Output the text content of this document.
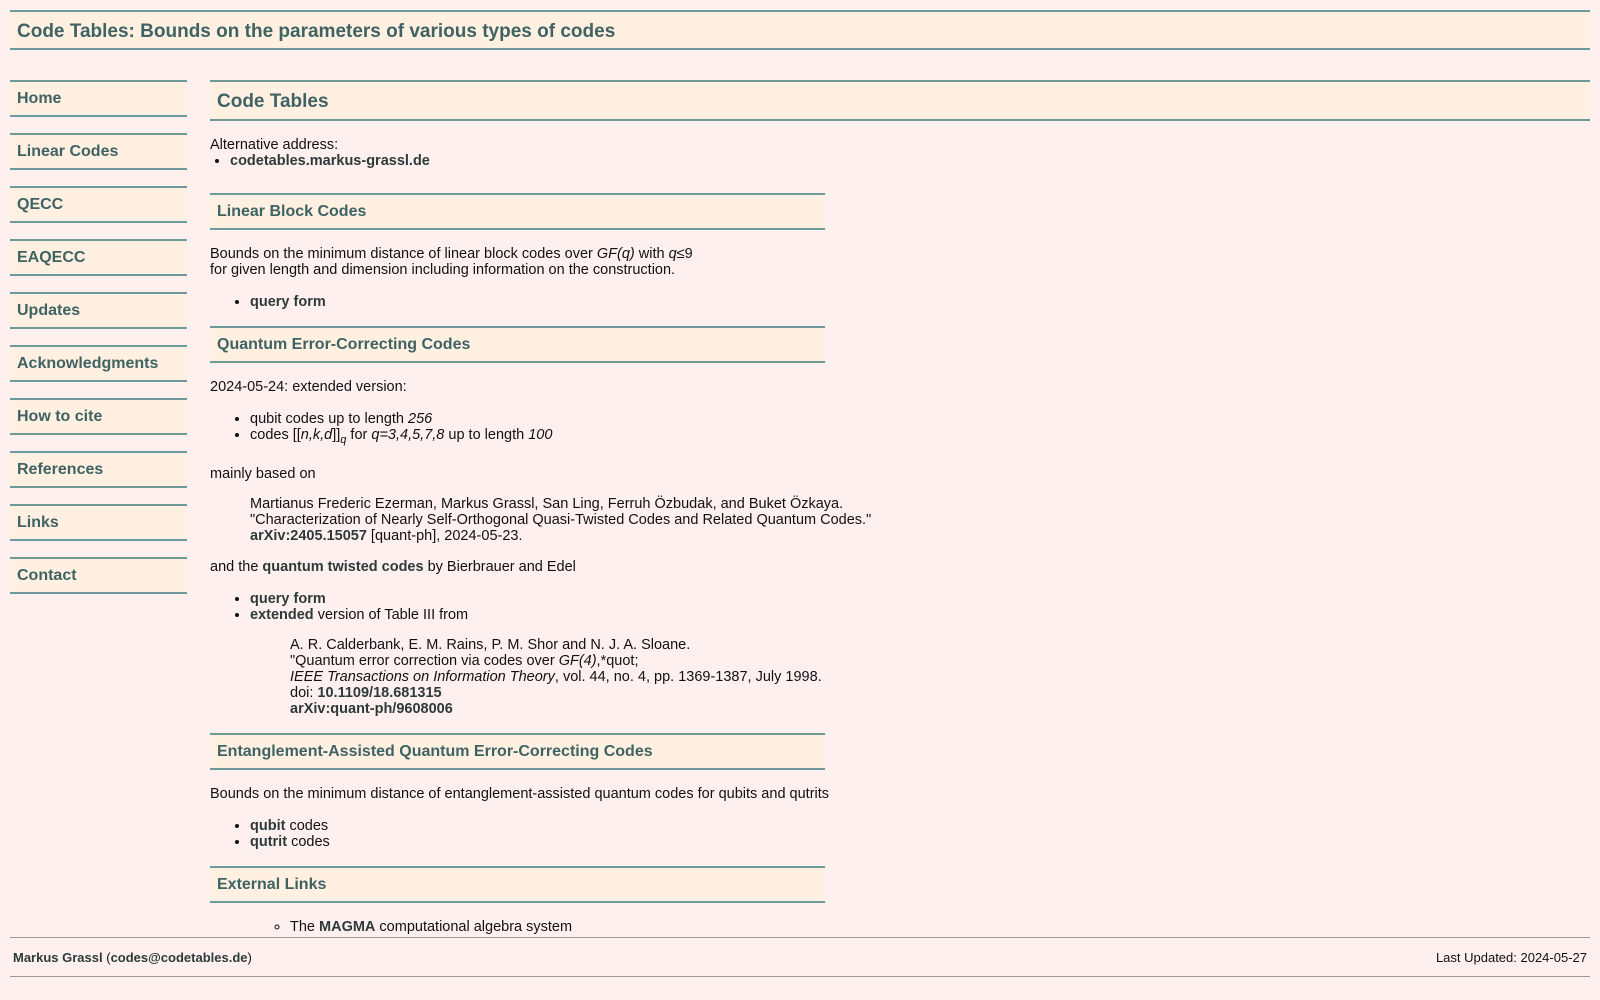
Code Tables: Bounds on the parameters of various types of codes
Home
Linear Codes
QECC
EAQECC
Updates
Acknowledgments
How to cite
References
Links
Contact
Code Tables

Alternative address:

• codetables.markus-grassl.de
Linear Block Codes

Bounds on the minimum distance of linear block codes over GF(q) with q≤9
for given length and dimension including information on the construction.

• query form
Quantum Error-Correcting Codes

2024-05-24: extended version:

• qubit codes up to length 256
• codes $[[n,k,d]]_q$ for q=3,4,5,7,8 up to length 100

mainly based on

Martianus Frederic Ezerman, Markus Grassl, San Ling, Ferruh Özbudak, and Buket Özkaya.
"Characterization of Nearly Self-Orthogonal Quasi-Twisted Codes and Related Quantum Codes."
arXiv:2405.15057 [quant-ph], 2024-05-23.

and the quantum twisted codes by Bierbrauer and Edel

• query form
• extended version of Table III from
A. R. Calderbank, E. M. Rains, P. M. Shor and N. J. A. Sloane.
"Quantum error correction via codes over GF(4),*quot;
IEEE Transactions on Information Theory, vol. 44, no. 4, pp. 1369-1387, July 1998.
doi: 10.1109/18.681315
arXiv:quant-ph/9608006
Entanglement-Assisted Quantum Error-Correcting Codes

Bounds on the minimum distance of entanglement-assisted quantum codes for qubits and qutrits

• qubit codes
• qutrit codes
External Links
◦ The MAGMA computational algebra system
Markus Grassl (codes@codetables.de)	Last Updated: 2024-05-27
